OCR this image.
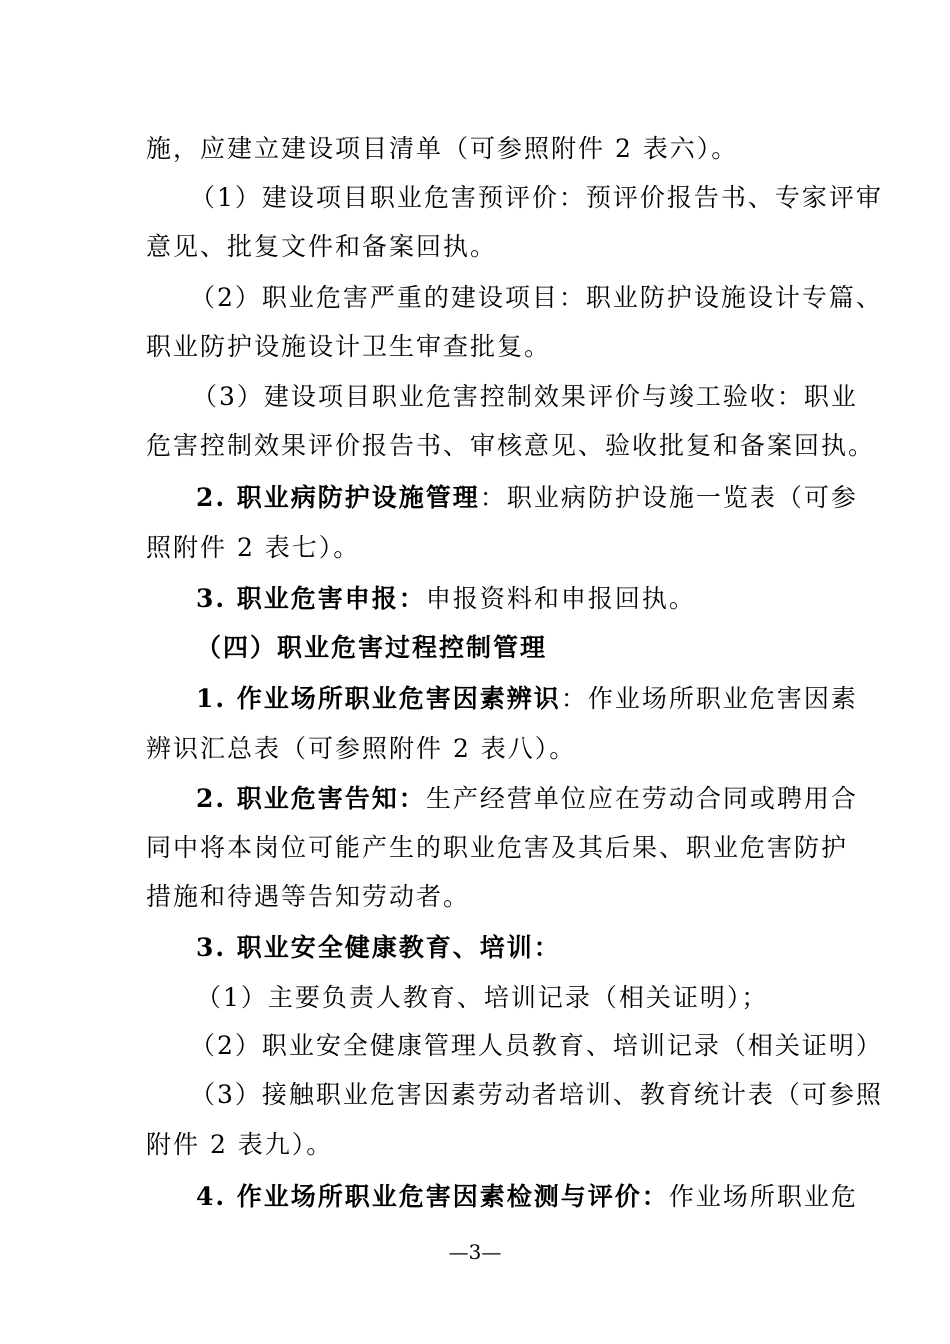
施，应建立建设项目清单（可参照附件 2 表六）。
（1）建设项目职业危害预评价：预评价报告书、专家评审
意见、批复文件和备案回执。
（2）职业危害严重的建设项目：职业防护设施设计专篇、
职业防护设施设计卫生审查批复。
（3）建设项目职业危害控制效果评价与竣工验收：职业
危害控制效果评价报告书、审核意见、验收批复和备案回执。
2. 职业病防护设施管理：职业病防护设施一览表（可参
照附件 2 表七）。
3. 职业危害申报：申报资料和申报回执。
（四）职业危害过程控制管理
1. 作业场所职业危害因素辨识：作业场所职业危害因素
辨识汇总表（可参照附件 2 表八）。
2. 职业危害告知：生产经营单位应在劳动合同或聘用合
同中将本岗位可能产生的职业危害及其后果、职业危害防护
措施和待遇等告知劳动者。
3. 职业安全健康教育、培训：
（1）主要负责人教育、培训记录（相关证明）；
（2）职业安全健康管理人员教育、培训记录（相关证明）
（3）接触职业危害因素劳动者培训、教育统计表（可参照
附件 2 表九）。
4. 作业场所职业危害因素检测与评价：作业场所职业危
—3—
